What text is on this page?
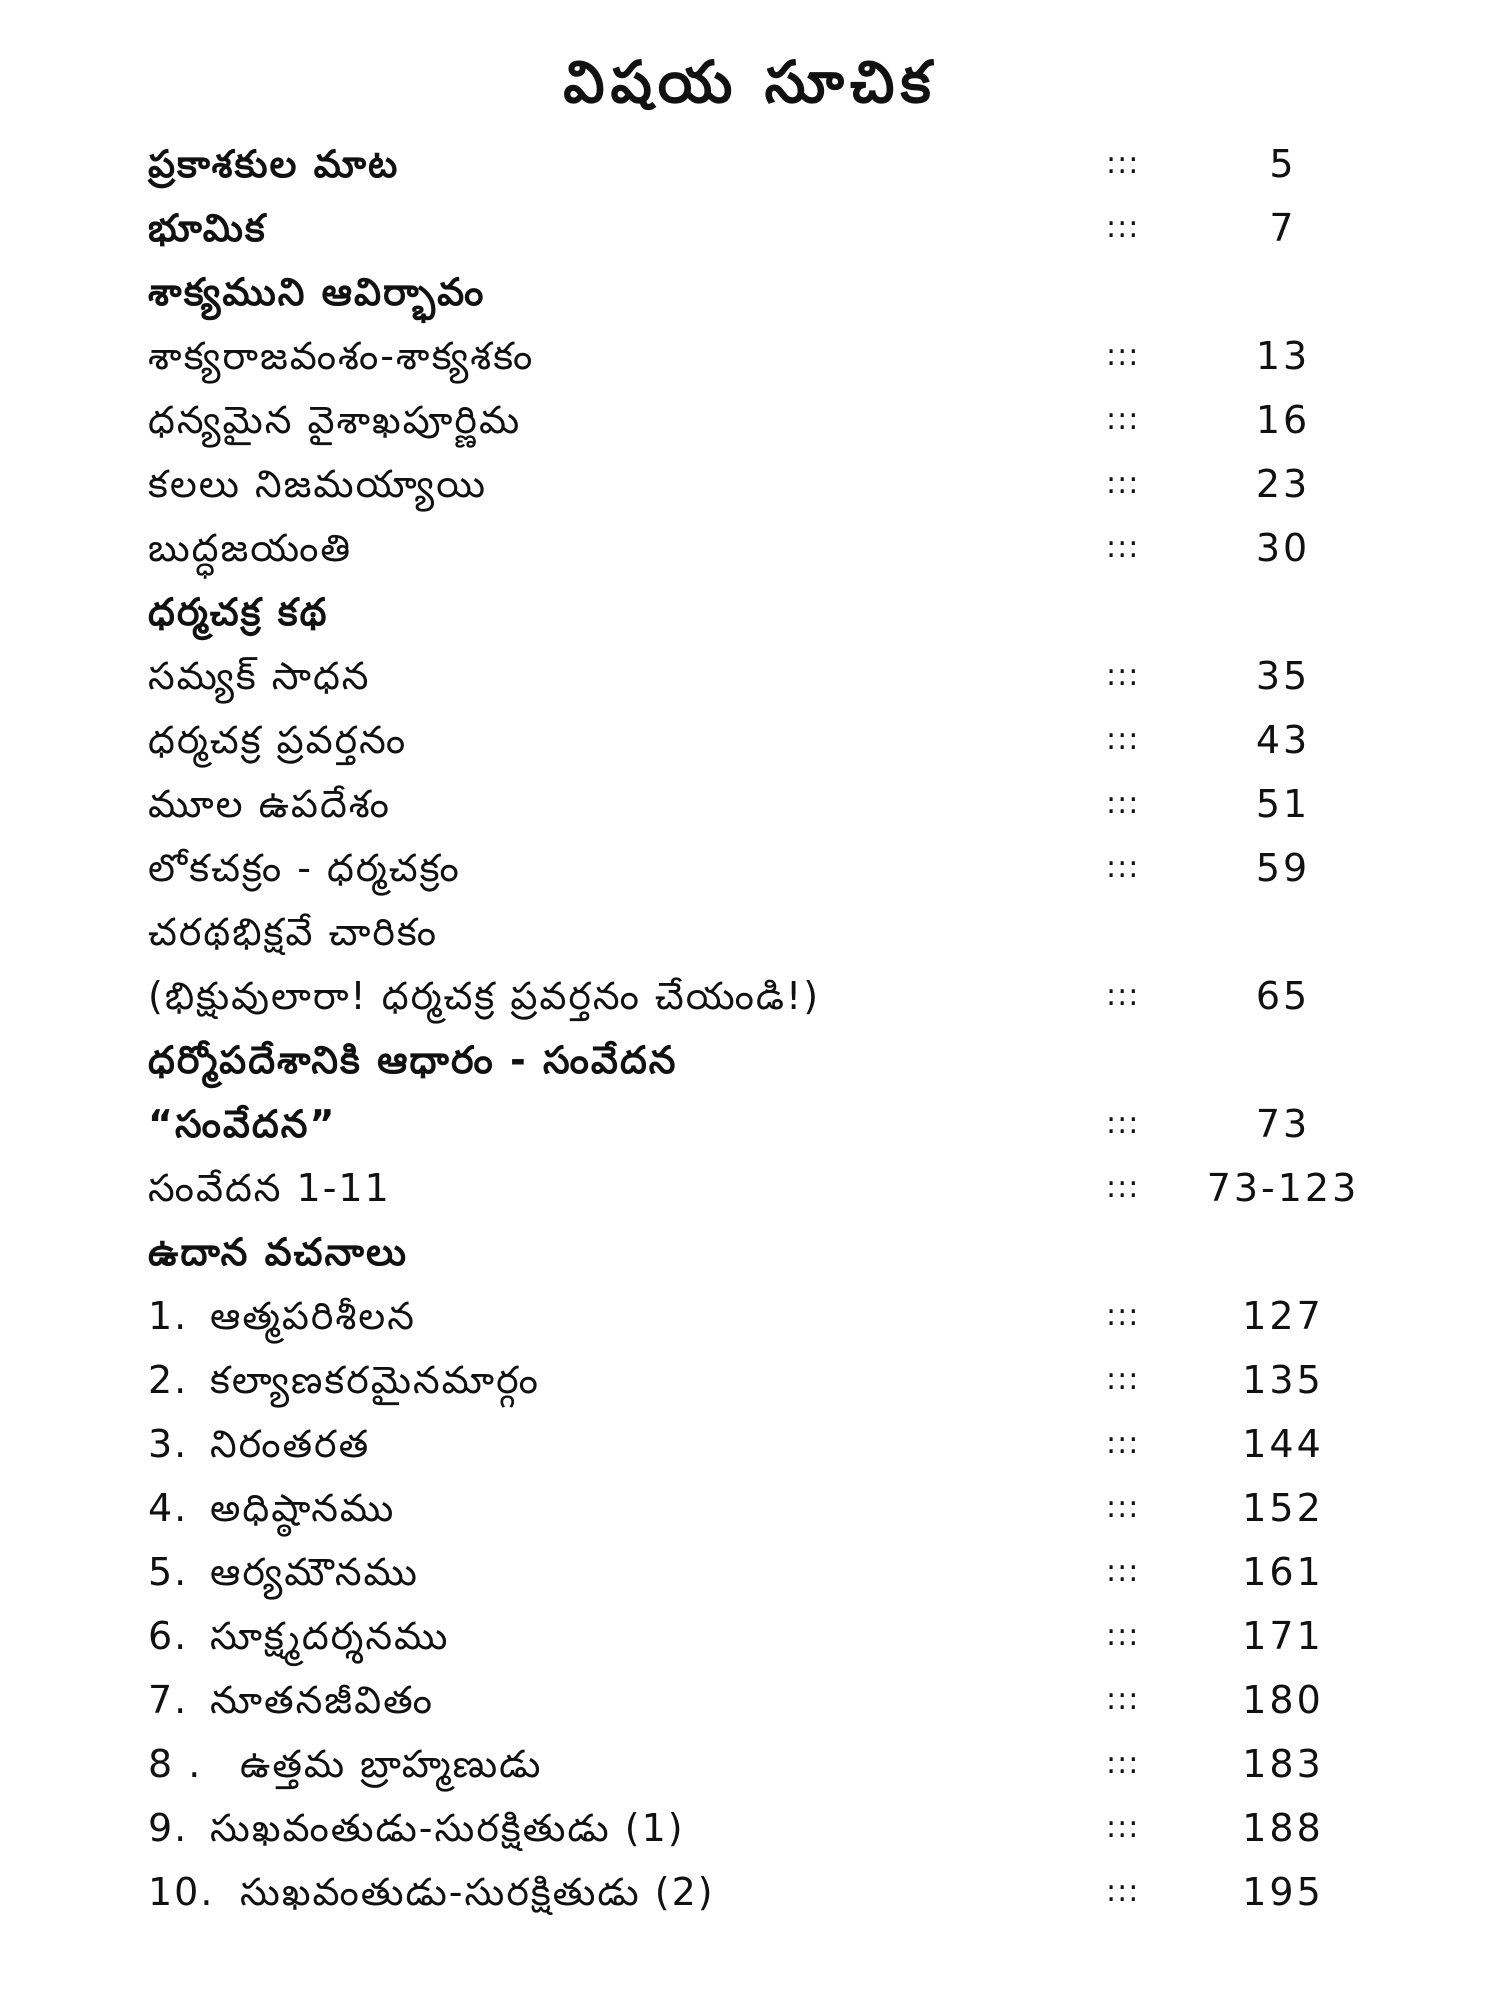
విషయ సూచిక
ప్రకాశకుల మాట	:::	5
భూమిక	:::	7
శాక్యముని ఆవిర్భావం
శాక్యరాజవంశం-శాక్యశకం	:::	13
ధన్యమైన వైశాఖపూర్ణిమ	:::	16
కలలు నిజమయ్యాయి	:::	23
బుద్ధజయంతి	:::	30
ధర్మచక్ర కథ
సమ్యక్ సాధన	:::	35
ధర్మచక్ర ప్రవర్తనం	:::	43
మూల ఉపదేశం	:::	51
లోకచక్రం - ధర్మచక్రం	:::	59
చరథభిక్షవే చారికం
(భిక్షువులారా! ధర్మచక్ర ప్రవర్తనం చేయండి!)	:::	65
ధర్మోపదేశానికి ఆధారం - సంవేదన
“సంవేదన”	:::	73
సంవేదన 1-11	:::	73-123
ఉదాన వచనాలు
1. ఆత్మపరిశీలన	:::	127
2. కల్యాణకరమైనమార్గం	:::	135
3. నిరంతరత	:::	144
4. అధిష్ఠానము	:::	152
5. ఆర్యమౌనము	:::	161
6. సూక్ష్మదర్శనము	:::	171
7. నూతనజీవితం	:::	180
8 . ఉత్తమ బ్రాహ్మణుడు	:::	183
9. సుఖవంతుడు-సురక్షితుడు (1)	:::	188
10. సుఖవంతుడు-సురక్షితుడు (2)	:::	195
